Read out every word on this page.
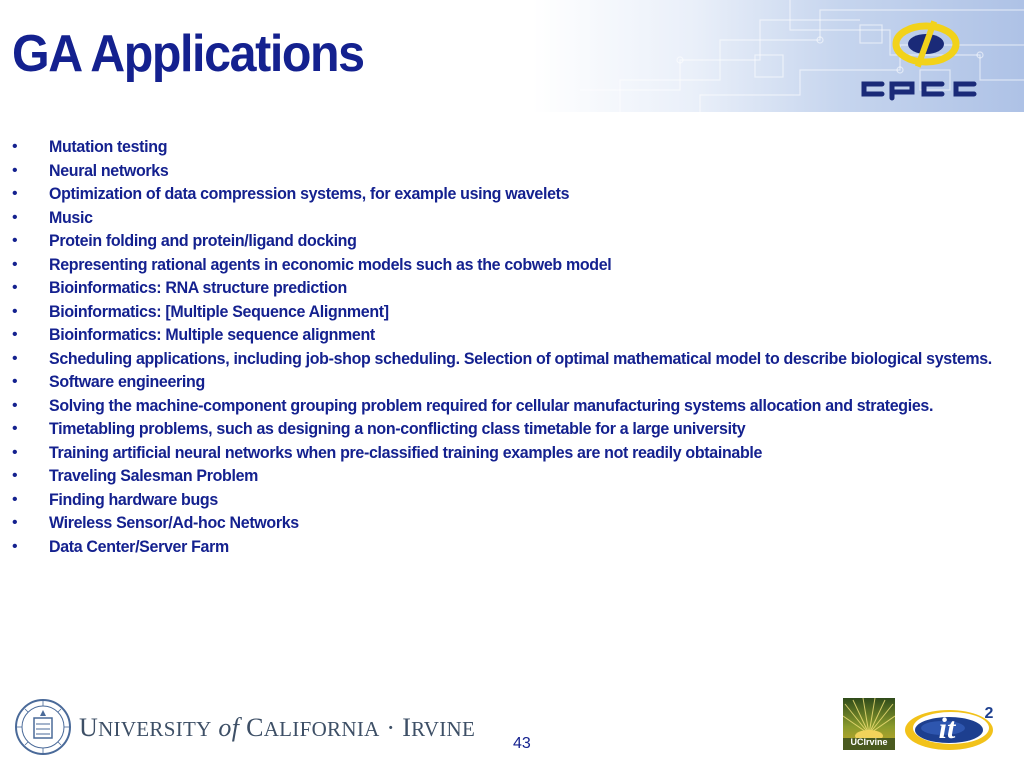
GA Applications
•	Mutation testing
•	Neural networks
•	Optimization of data compression systems, for example using wavelets
•	Music
•	Protein folding and protein/ligand docking
•	Representing rational agents in economic models such as the cobweb model
•	Bioinformatics: RNA structure prediction
•	Bioinformatics: [Multiple Sequence Alignment]
•	Bioinformatics: Multiple sequence alignment
•	Scheduling applications, including job-shop scheduling. Selection of optimal mathematical model to describe biological systems.
•	Software engineering
•	Solving the machine-component grouping problem required for cellular manufacturing systems allocation and strategies.
•	Timetabling problems, such as designing a non-conflicting class timetable for a large university
•	Training artificial neural networks when pre-classified training examples are not readily obtainable
•	Traveling Salesman Problem
•	Finding hardware bugs
•	Wireless Sensor/Ad-hoc Networks
•	Data Center/Server Farm
UNIVERSITY of CALIFORNIA · IRVINE
43	UCIrvine it 2
